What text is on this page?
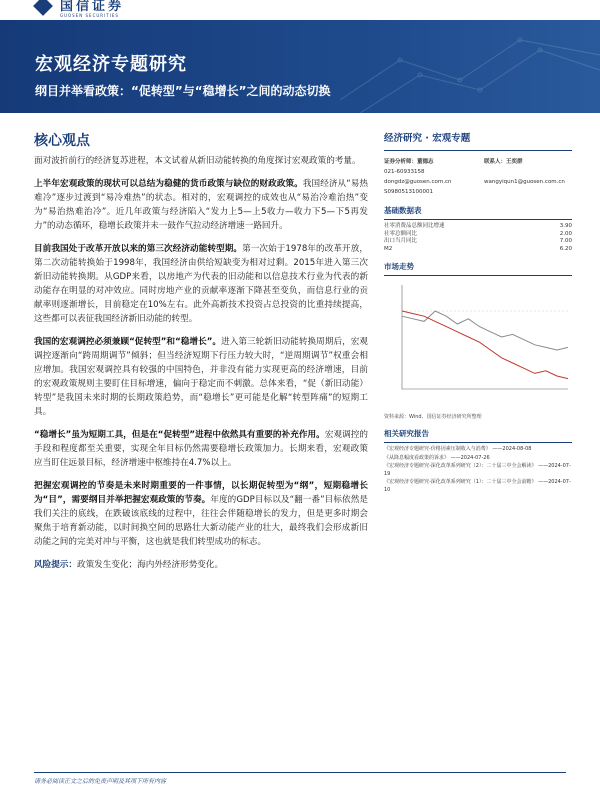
国信证券
GUOSEN SECURITIES
宏观经济专题研究
纲目并举看政策：“促转型”与“稳增长”之间的动态切换
核心观点

面对波折前行的经济复苏进程，本文试着从新旧动能转换的角度探讨宏观政策的考量。

上半年宏观政策的现状可以总结为稳健的货币政策与缺位的财政政策。我国经济从“易热难冷”逐步过渡到“易冷难热”的状态。相对的，宏观调控的成效也从“易治冷难治热”变为“易治热难治冷”。近几年政策与经济陷入“发力上5—上5收力—收力下5—下5再发力”的动态循环，稳增长政策并未一鼓作气拉动经济增速一路回升。

目前我国处于改革开放以来的第三次经济动能转型期。第一次始于1978年的改革开放，第二次动能转换始于1998年，我国经济由供给短缺变为相对过剩。2015年进入第三次新旧动能转换期。从GDP来看，以房地产为代表的旧动能和以信息技术行业为代表的新动能存在明显的对冲效应。同时房地产业的贡献率逐渐下降甚至变负，而信息行业的贡献率则逐渐增长，目前稳定在10%左右。此外高新技术投资占总投资的比重持续提高，这些都可以表征我国经济新旧动能的转型。

我国的宏观调控必须兼顾“促转型”和“稳增长”。进入第三轮新旧动能转换周期后，宏观调控逐渐向“跨周期调节”倾斜；但当经济短期下行压力较大时，“逆周期调节”权重会相应增加。我国宏观调控具有较强的中国特色，并非没有能力实现更高的经济增速，目前的宏观政策规则主要盯住目标增速，偏向于稳定而不刺激。总体来看，“促（新旧动能）转型”是我国未来时期的长期政策趋势，而“稳增长”更可能是化解“转型阵痛”的短期工具。

“稳增长”虽为短期工具，但是在“促转型”进程中依然具有重要的补充作用。宏观调控的手段和程度都至关重要，实现全年目标仍然需要稳增长政策加力。长期来看，宏观政策应当盯住远景目标，经济增速中枢维持在4.7%以上。

把握宏观调控的节奏是未来时期重要的一件事情，以长期促转型为“纲”，短期稳增长为“目”，需要纲目并举把握宏观政策的节奏。年度的GDP目标以及“翻一番”目标依然是我们关注的底线，在跌破该底线的过程中，往往会伴随稳增长的发力，但是更多时期会聚焦于培育新动能，以时间换空间的思路壮大新动能产业的壮大，最终我们会形成新旧动能之间的完美对冲与平衡，这也就是我们转型成功的标志。

风险提示：政策发生变化；海内外经济形势变化。

经济研究 · 宏观专题
证券分析师：董德志	联系人：王奕群
021-60933158
dongdz@guosen.com.cn	wangyiqun1@guosen.com.cn
S0980513100001
基础数据表
社零消费品总额同比增速	3.90
社零总额同比	2.00
出口当月同比	7.00
M2	6.20
市场走势
资料来源：Wind、国信证券经济研究所整理
相关研究报告
《宏观经济专题研究-价格因素压制收入与消费》 ——2024-08-08
《从降息幅度看政策的诉求》 ——2024-07-26
《宏观经济专题研究-深化改革系列研究（2）：二十届三中全会解读》 ——2024-07-19
《宏观经济专题研究-深化改革系列研究（1）：二十届三中全会前瞻》 ——2024-07-10
请务必阅读正文之后的免责声明及其项下所有内容
